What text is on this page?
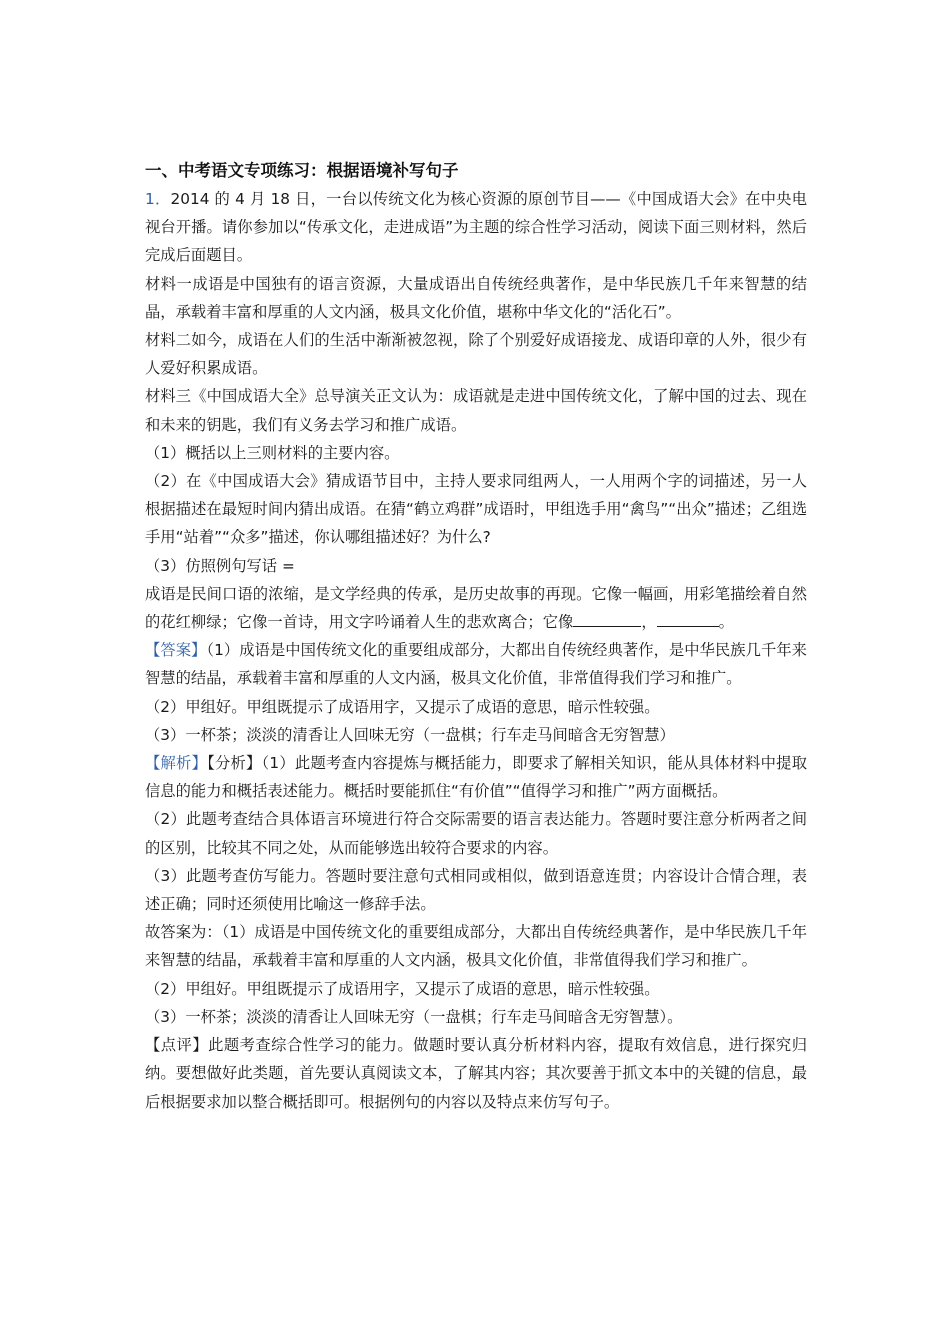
一、中考语文专项练习：根据语境补写句子

1．2014 的 4 月 18 日，一台以传统文化为核心资源的原创节目——《中国成语大会》在中央电视台开播。请你参加以“传承文化，走进成语”为主题的综合性学习活动，阅读下面三则材料，然后完成后面题目。

材料一成语是中国独有的语言资源，大量成语出自传统经典著作，是中华民族几千年来智慧的结晶，承载着丰富和厚重的人文内涵，极具文化价值，堪称中华文化的“活化石”。

材料二如今，成语在人们的生活中渐渐被忽视，除了个别爱好成语接龙、成语印章的人外，很少有人爱好积累成语。

材料三《中国成语大全》总导演关正文认为：成语就是走进中国传统文化，了解中国的过去、现在和未来的钥匙，我们有义务去学习和推广成语。

（1）概括以上三则材料的主要内容。

（2）在《中国成语大会》猜成语节目中，主持人要求同组两人，一人用两个字的词描述，另一人根据描述在最短时间内猜出成语。在猜“鹤立鸡群”成语时，甲组选手用“禽鸟”“出众”描述；乙组选手用“站着”“众多”描述，你认哪组描述好？为什么?

（3）仿照例句写话 =

成语是民间口语的浓缩，是文学经典的传承，是历史故事的再现。它像一幅画，用彩笔描绘着自然的花红柳绿；它像一首诗，用文字吟诵着人生的悲欢离合；它像	，	。

【答案】（1）成语是中国传统文化的重要组成部分，大都出自传统经典著作，是中华民族几千年来智慧的结晶，承载着丰富和厚重的人文内涵，极具文化价值，非常值得我们学习和推广。

（2）甲组好。甲组既提示了成语用字，又提示了成语的意思，暗示性较强。

（3）一杯茶；淡淡的清香让人回味无穷（一盘棋；行车走马间暗含无穷智慧）

【解析】【分析】（1）此题考查内容提炼与概括能力，即要求了解相关知识，能从具体材料中提取信息的能力和概括表述能力。概括时要能抓住“有价值”“值得学习和推广”两方面概括。

（2）此题考查结合具体语言环境进行符合交际需要的语言表达能力。答题时要注意分析两者之间的区别，比较其不同之处，从而能够选出较符合要求的内容。

（3）此题考查仿写能力。答题时要注意句式相同或相似，做到语意连贯；内容设计合情合理，表述正确；同时还须使用比喻这一修辞手法。

故答案为：（1）成语是中国传统文化的重要组成部分，大都出自传统经典著作，是中华民族几千年来智慧的结晶，承载着丰富和厚重的人文内涵，极具文化价值，非常值得我们学习和推广。

（2）甲组好。甲组既提示了成语用字，又提示了成语的意思，暗示性较强。

（3）一杯茶；淡淡的清香让人回味无穷（一盘棋；行车走马间暗含无穷智慧）。

【点评】此题考查综合性学习的能力。做题时要认真分析材料内容，提取有效信息，进行探究归纳。要想做好此类题，首先要认真阅读文本，了解其内容；其次要善于抓文本中的关键的信息，最后根据要求加以整合概括即可。根据例句的内容以及特点来仿写句子。
